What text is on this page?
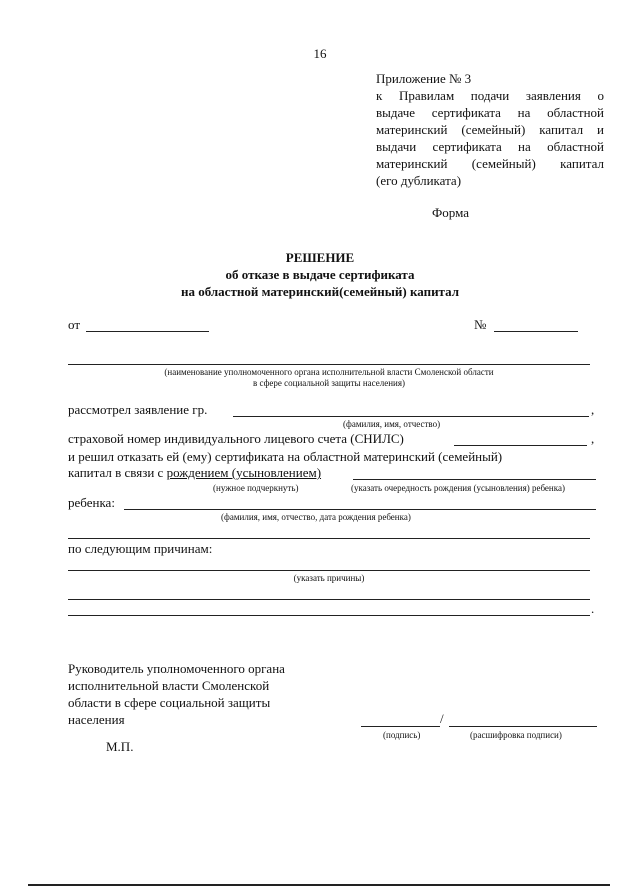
16
Приложение № 3
к Правилам подачи заявления о
выдаче сертификата на областной
материнский (семейный) капитал и
выдачи сертификата на областной
материнский (семейный) капитал
(его дубликата)
Форма
РЕШЕНИЕ
об отказе в выдаче сертификата
на областной материнский(семейный) капитал
от	№
(наименование уполномоченного органа исполнительной власти Смоленской области
в сфере социальной защиты населения)
рассмотрел заявление гр.	,
(фамилия, имя, отчество)
страховой номер индивидуального лицевого счета (СНИЛС)	,
и решил отказать ей (ему) сертификата на областной материнский (семейный)
капитал в связи с рождением (усыновлением)
(нужное подчеркнуть)	(указать очередность рождения (усыновления) ребенка)
ребенка:
(фамилия, имя, отчество, дата рождения ребенка)
по следующим причинам:
(указать причины)
.
Руководитель уполномоченного органа
исполнительной власти Смоленской
области в сфере социальной защиты
населения	/
(подпись)	(расшифровка подписи)
М.П.
